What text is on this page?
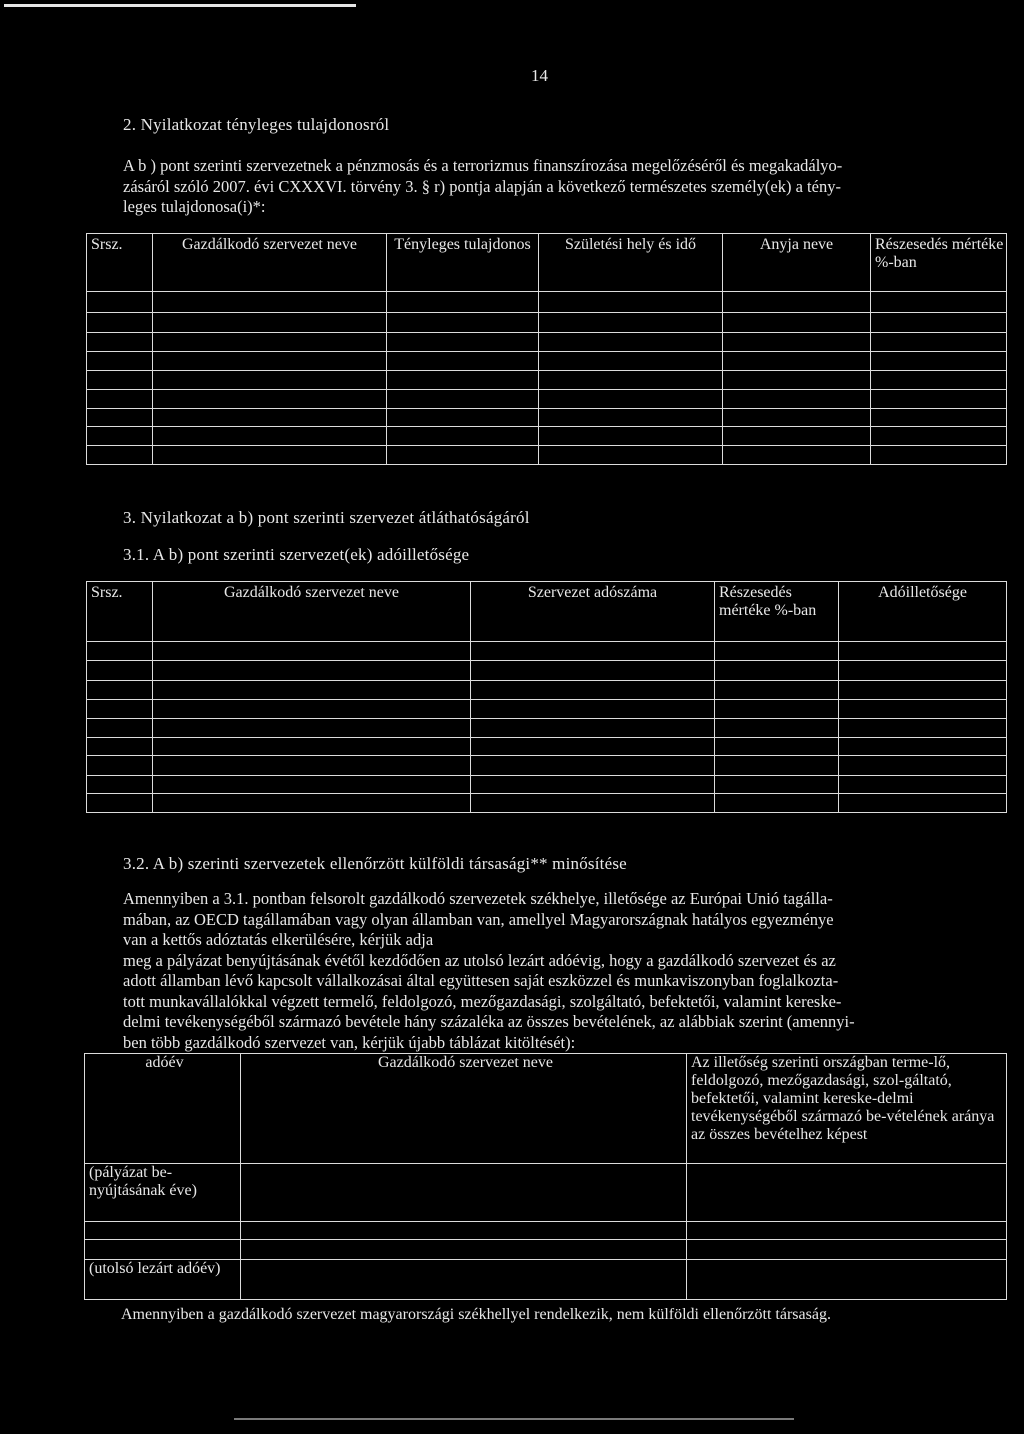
14
2. Nyilatkozat tényleges tulajdonosról
A b ) pont szerinti szervezetnek a pénzmosás és a terrorizmus finanszírozása megelőzéséről és megakadályo-
zásáról szóló 2007. évi CXXXVI. törvény 3. § r) pontja alapján a következő természetes személy(ek) a tény-
leges tulajdonosa(i)*:
Srsz.	Gazdálkodó szervezet neve	Tényleges tulajdonos	Születési hely és idő	Anyja neve	Részesedés mértéke %-ban

3. Nyilatkozat a b) pont szerinti szervezet átláthatóságáról
3.1. A b) pont szerinti szervezet(ek) adóilletősége
Srsz.	Gazdálkodó szervezet neve	Szervezet adószáma	Részesedés mértéke %-ban	Adóilletősége

3.2. A b) szerinti szervezetek ellenőrzött külföldi társasági** minősítése
Amennyiben a 3.1. pontban felsorolt gazdálkodó szervezetek székhelye, illetősége az Európai Unió tagálla-
mában, az OECD tagállamában vagy olyan államban van, amellyel Magyarországnak hatályos egyezménye
van a kettős adóztatás elkerülésére, kérjük adja
meg a pályázat benyújtásának évétől kezdődően az utolsó lezárt adóévig, hogy a gazdálkodó szervezet és az
adott államban lévő kapcsolt vállalkozásai által együttesen saját eszközzel és munkaviszonyban foglalkozta-
tott munkavállalókkal végzett termelő, feldolgozó, mezőgazdasági, szolgáltató, befektetői, valamint kereske-
delmi tevékenységéből származó bevétele hány százaléka az összes bevételének, az alábbiak szerint (amennyi-
ben több gazdálkodó szervezet van, kérjük újabb táblázat kitöltését):
adóév	Gazdálkodó szervezet neve	Az illetőség szerinti országban terme-lő, feldolgozó, mezőgazdasági, szol-gáltató, befektetői, valamint kereske-delmi tevékenységéből származó be-vételének aránya az összes bevételhez képest
(pályázat be-nyújtásának éve)		

(utolsó lezárt adóév)		
Amennyiben a gazdálkodó szervezet magyarországi székhellyel rendelkezik, nem külföldi ellenőrzött társaság.
